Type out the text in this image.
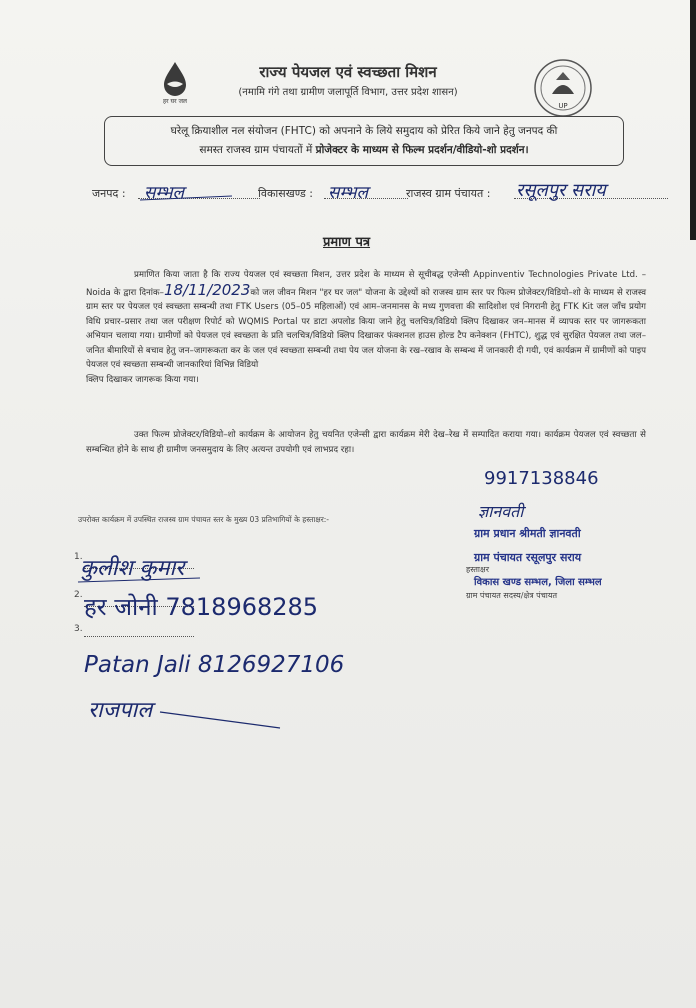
हर घर जल
UP
राज्य पेयजल एवं स्वच्छता मिशन
(नमामि गंगे तथा ग्रामीण जलापूर्ति विभाग, उत्तर प्रदेश शासन)
घरेलू क्रियाशील नल संयोजन (FHTC) को अपनाने के लिये समुदाय को प्रेरित किये जाने हेतु जनपद की
समस्त राजस्व ग्राम पंचायतों में प्रोजेक्टर के माध्यम से फिल्म प्रदर्शन/वीडियो-शो प्रदर्शन।
जनपद : सम्भल	विकासखण्ड : सम्भल	राजस्व ग्राम पंचायत : रसूलपुर सराय
प्रमाण पत्र

प्रमाणित किया जाता है कि राज्य पेयजल एवं स्वच्छता मिशन, उत्तर प्रदेश के माध्यम से सूचीबद्ध एजेन्सी Appinventiv Technologies Private Ltd. – Noida के द्वारा दिनांक–18/11/2023को जल जीवन मिशन "हर घर जल" योजना के उद्देश्यों को राजस्व ग्राम स्तर पर फिल्म प्रोजेक्टर/विडियो–शो के माध्यम से राजस्व ग्राम स्तर पर पेयजल एवं स्वच्छता सम्बन्धी तथा FTK Users (05–05 महिलाओं) एवं आम–जनमानस के मध्य गुणवत्ता की सादिशोश एवं निगरानी हेतु FTK Kit जल जाँच प्रयोग विधि प्रचार–प्रसार तथा जल परीक्षण रिपोर्ट को WQMIS Portal पर डाटा अपलोड किया जाने हेतु चलचित्र/विडियो क्लिप दिखाकर जन–मानस में व्यापक स्तर पर जागरूकता अभियान चलाया गया। ग्रामीणों को पेयजल एवं स्वच्छता के प्रति चलचित्र/विडियो क्लिप दिखाकर फंक्शनल हाउस होल्ड टैप कनेक्शन (FHTC), शुद्ध एवं सुरक्षित पेयजल तथा जल–जनित बीमारियों से बचाव हेतु जन–जागरूकता कर के जल एवं स्वच्छता सम्बन्धी तथा पेय जल योजना के रख–रखाव के सम्बन्ध में जानकारी दी गयी, एवं कार्यक्रम में ग्रामीणों को पाइप पेयजल एवं स्वच्छता सम्बन्धी जानकारियां विभिन्न विडियो

क्लिप दिखाकर जागरूक किया गया।

उक्त फिल्म प्रोजेक्टर/विडियो–शो कार्यक्रम के आयोजन हेतु चयनित एजेन्सी द्वारा कार्यक्रम मेरी देख–रेख में सम्पादित कराया गया। कार्यक्रम पेयजल एवं स्वच्छता से सम्बन्धित होने के साथ ही ग्रामीण जनसमुदाय के लिए अत्यन्त उपयोगी एवं लाभप्रद रहा।

9917138846
ज्ञानवती
ग्राम प्रधान श्रीमती ज्ञानवती
ग्राम पंचायत रसूलपुर सराय
हस्ताक्षर
विकास खण्ड सम्भल, जिला सम्भल
ग्राम पंचायत सदस्य/क्षेत्र पंचायत
उपरोक्त कार्यक्रम में उपस्थित राजस्व ग्राम पंचायत स्तर के मुख्य 03 प्रतिभागियों के हस्ताक्षर:-
1.
कुलीश कुमार
2. हर जोनी 7818968285
3.
Patan Jali 8126927106
राजपाल
